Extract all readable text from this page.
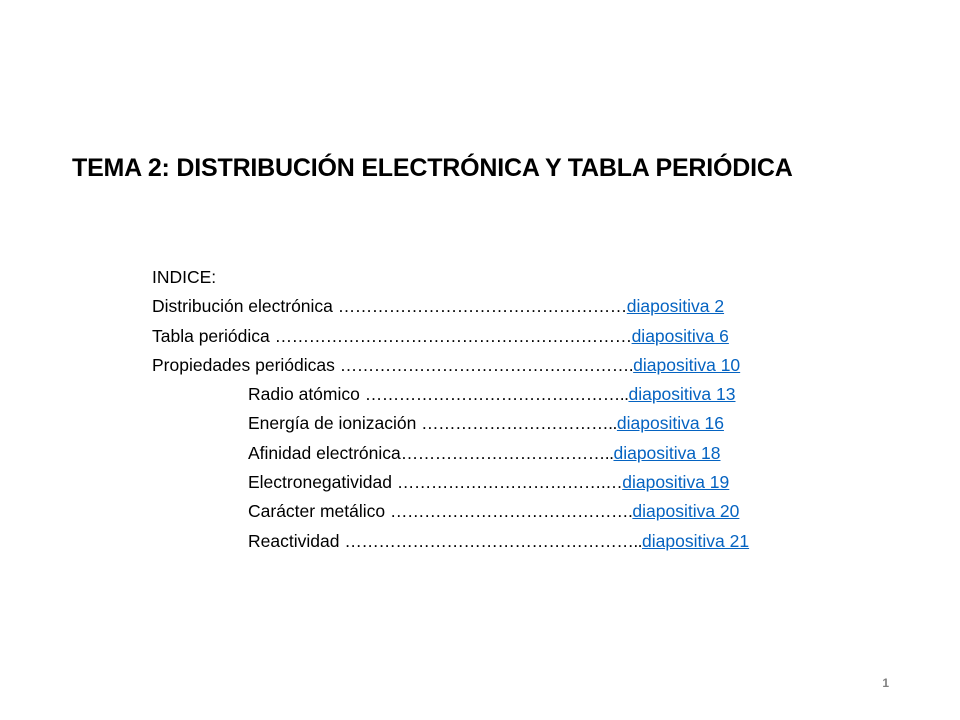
TEMA 2: DISTRIBUCIÓN ELECTRÓNICA Y TABLA PERIÓDICA
INDICE:
Distribución electrónica ……………………………………………diapositiva 2
Tabla periódica ………………………………………………………diapositiva 6
Propiedades periódicas …………………………………………….diapositiva 10
Radio atómico ………………………………………..diapositiva 13
Energía de ionización ……………………………..diapositiva 16
Afinidad electrónica………………………………..diapositiva 18
Electronegatividad ……………………………….…diapositiva 19
Carácter metálico …………………………………….diapositiva 20
Reactividad ……………………………………………..diapositiva 21
1
